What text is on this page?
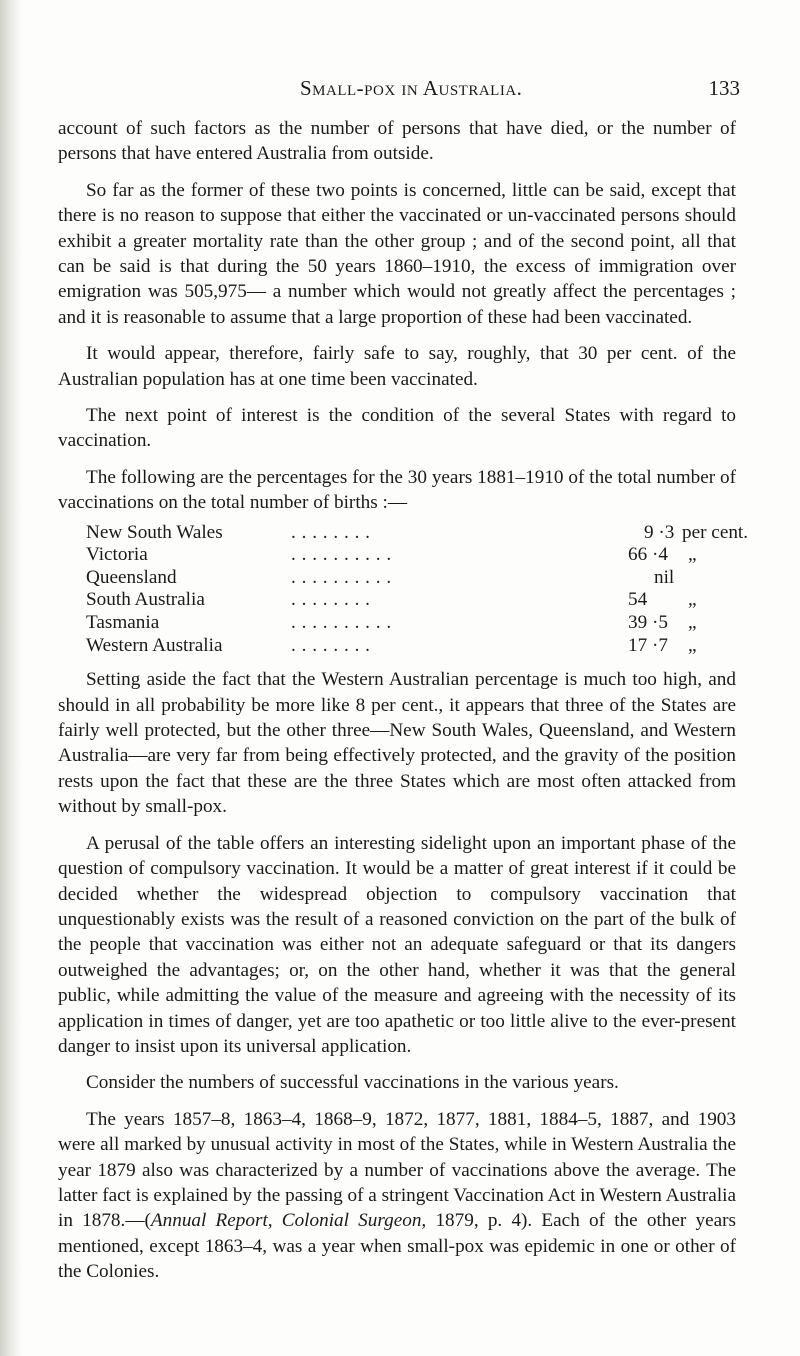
Small-pox in Australia.	133

account of such factors as the number of persons that have died, or the number of persons that have entered Australia from outside.

So far as the former of these two points is concerned, little can be said, except that there is no reason to suppose that either the vaccinated or un-vaccinated persons should exhibit a greater mortality rate than the other group ; and of the second point, all that can be said is that during the 50 years 1860–1910, the excess of immigration over emigration was 505,975— a number which would not greatly affect the percentages ; and it is reasonable to assume that a large proportion of these had been vaccinated.

It would appear, therefore, fairly safe to say, roughly, that 30 per cent. of the Australian population has at one time been vaccinated.

The next point of interest is the condition of the several States with regard to vaccination.

The following are the percentages for the 30 years 1881–1910 of the total number of vaccinations on the total number of births :—

New South Wales	. . . . . . . .	9 ·3 per cent.
Victoria	. . . . . . . . . .	66 ·4 „
Queensland	. . . . . . . . . .	nil
South Australia	. . . . . . . .	54 „
Tasmania	. . . . . . . . . .	39 ·5 „
Western Australia	. . . . . . . .	17 ·7 „

Setting aside the fact that the Western Australian percentage is much too high, and should in all probability be more like 8 per cent., it appears that three of the States are fairly well protected, but the other three—New South Wales, Queensland, and Western Australia—are very far from being effectively protected, and the gravity of the position rests upon the fact that these are the three States which are most often attacked from without by small-pox.

A perusal of the table offers an interesting sidelight upon an important phase of the question of compulsory vaccination. It would be a matter of great interest if it could be decided whether the widespread objection to compulsory vaccination that unquestionably exists was the result of a reasoned conviction on the part of the bulk of the people that vaccination was either not an adequate safeguard or that its dangers outweighed the advantages; or, on the other hand, whether it was that the general public, while admitting the value of the measure and agreeing with the necessity of its application in times of danger, yet are too apathetic or too little alive to the ever-present danger to insist upon its universal application.

Consider the numbers of successful vaccinations in the various years.

The years 1857–8, 1863–4, 1868–9, 1872, 1877, 1881, 1884–5, 1887, and 1903 were all marked by unusual activity in most of the States, while in Western Australia the year 1879 also was characterized by a number of vaccinations above the average. The latter fact is explained by the passing of a stringent Vaccination Act in Western Australia in 1878.—(Annual Report, Colonial Surgeon, 1879, p. 4). Each of the other years mentioned, except 1863–4, was a year when small-pox was epidemic in one or other of the Colonies.
